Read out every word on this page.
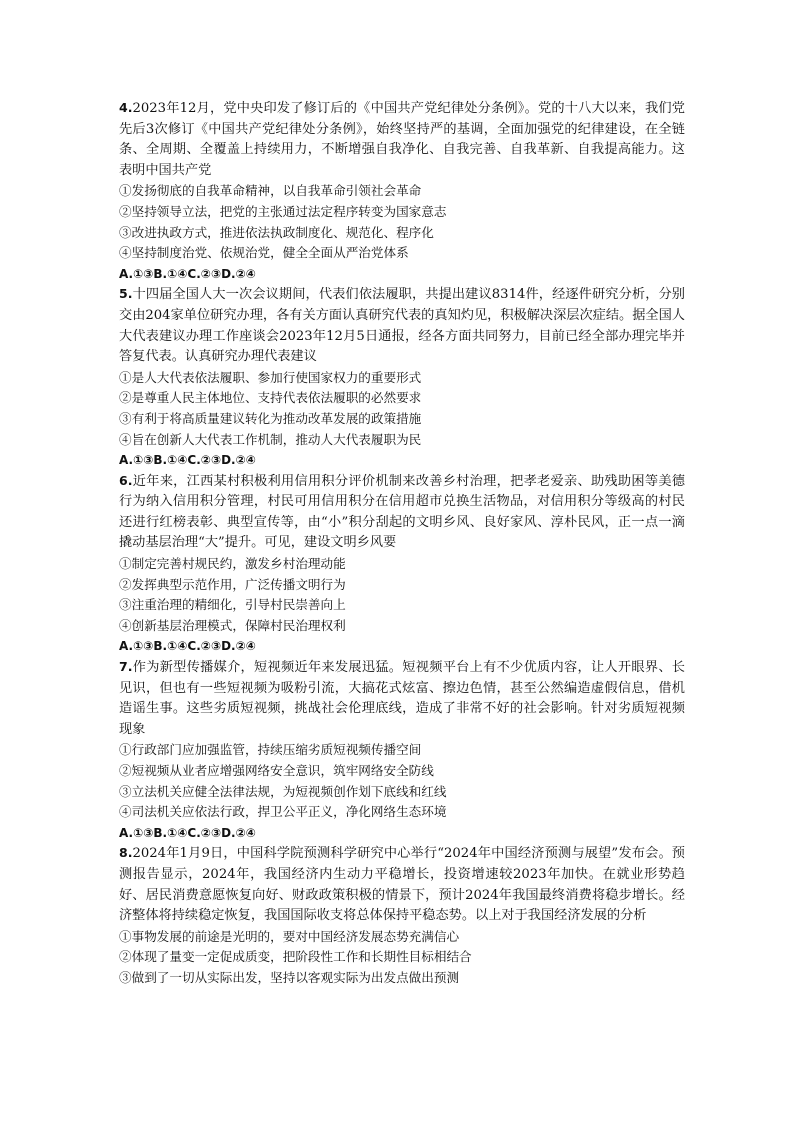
4.2023年12月，党中央印发了修订后的《中国共产党纪律处分条例》。党的十八大以来，我们党先后3次修订《中国共产党纪律处分条例》，始终坚持严的基调，全面加强党的纪律建设，在全链条、全周期、全覆盖上持续用力，不断增强自我净化、自我完善、自我革新、自我提高能力。这表明中国共产党

①发扬彻底的自我革命精神，以自我革命引领社会革命

②坚持领导立法，把党的主张通过法定程序转变为国家意志

③改进执政方式，推进依法执政制度化、规范化、程序化

④坚持制度治党、依规治党，健全全面从严治党体系

A.①③B.①④C.②③D.②④

5.十四届全国人大一次会议期间，代表们依法履职，共提出建议8314件，经逐件研究分析，分别交由204家单位研究办理，各有关方面认真研究代表的真知灼见，积极解决深层次症结。据全国人大代表建议办理工作座谈会2023年12月5日通报，经各方面共同努力，目前已经全部办理完毕并答复代表。认真研究办理代表建议

①是人大代表依法履职、参加行使国家权力的重要形式

②是尊重人民主体地位、支持代表依法履职的必然要求

③有利于将高质量建议转化为推动改革发展的政策措施

④旨在创新人大代表工作机制，推动人大代表履职为民

A.①③B.①④C.②③D.②④

6.近年来，江西某村积极利用信用积分评价机制来改善乡村治理，把孝老爱亲、助残助困等美德行为纳入信用积分管理，村民可用信用积分在信用超市兑换生活物品，对信用积分等级高的村民还进行红榜表彰、典型宣传等，由“小”积分刮起的文明乡风、良好家风、淳朴民风，正一点一滴撬动基层治理“大”提升。可见，建设文明乡风要

①制定完善村规民约，激发乡村治理动能

②发挥典型示范作用，广泛传播文明行为

③注重治理的精细化，引导村民崇善向上

④创新基层治理模式，保障村民治理权利

A.①③B.①④C.②③D.②④

7.作为新型传播媒介，短视频近年来发展迅猛。短视频平台上有不少优质内容，让人开眼界、长见识，但也有一些短视频为吸粉引流，大搞花式炫富、擦边色情，甚至公然编造虚假信息，借机造谣生事。这些劣质短视频，挑战社会伦理底线，造成了非常不好的社会影响。针对劣质短视频现象

①行政部门应加强监管，持续压缩劣质短视频传播空间

②短视频从业者应增强网络安全意识，筑牢网络安全防线

③立法机关应健全法律法规，为短视频创作划下底线和红线

④司法机关应依法行政，捍卫公平正义，净化网络生态环境

A.①③B.①④C.②③D.②④

8.2024年1月9日，中国科学院预测科学研究中心举行“2024年中国经济预测与展望”发布会。预测报告显示，2024年，我国经济内生动力平稳增长，投资增速较2023年加快。在就业形势趋好、居民消费意愿恢复向好、财政政策积极的情景下，预计2024年我国最终消费将稳步增长。经济整体将持续稳定恢复，我国国际收支将总体保持平稳态势。以上对于我国经济发展的分析

①事物发展的前途是光明的，要对中国经济发展态势充满信心

②体现了量变一定促成质变，把阶段性工作和长期性目标相结合

③做到了一切从实际出发，坚持以客观实际为出发点做出预测
